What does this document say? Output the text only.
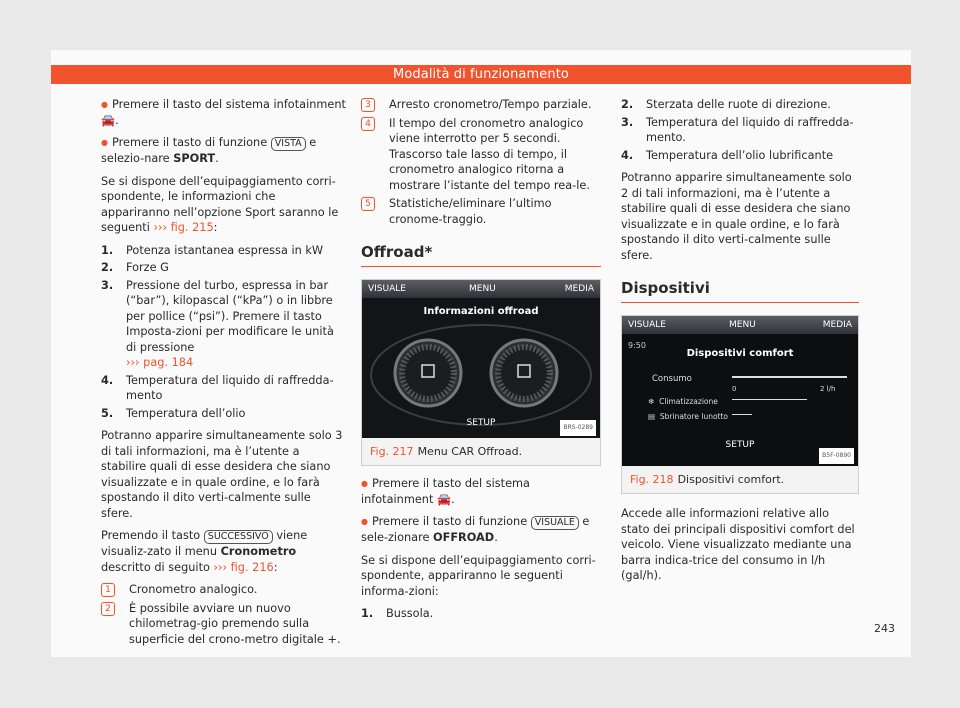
Modalità di funzionamento

● Premere il tasto del sistema infotainment 🚘.

● Premere il tasto di funzione VISTA e selezio-nare SPORT.

Se si dispone dell’equipaggiamento corri-spondente, le informazioni che appariranno nell’opzione Sport saranno le seguenti ››› fig. 215:

1.	Potenza istantanea espressa in kW
2.	Forze G
3.	Pressione del turbo, espressa in bar (“bar”), kilopascal (“kPa”) o in libbre per pollice (“psi”). Premere il tasto Imposta-zioni per modificare le unità di pressione
››› pag. 184
4.	Temperatura del liquido di raffredda-mento
5.	Temperatura dell’olio

Potranno apparire simultaneamente solo 3 di tali informazioni, ma è l’utente a stabilire quali di esse desidera che siano visualizzate e in quale ordine, e lo farà spostando il dito verti-calmente sulle sfere.

Premendo il tasto SUCCESSIVO viene visualiz-zato il menu Cronometro descritto di seguito ››› fig. 216:

1	Cronometro analogico.
2	È possibile avviare un nuovo chilometrag-gio premendo sulla superficie del crono-metro digitale +.
3	Arresto cronometro/Tempo parziale.
4	Il tempo del cronometro analogico viene interrotto per 5 secondi. Trascorso tale lasso di tempo, il cronometro analogico ritorna a mostrare l’istante del tempo rea-le.
5	Statistiche/eliminare l’ultimo cronome-traggio.
Offroad*
VISUALE	MENU	MEDIA
Informazioni offroad
SETUP	BRS-0289
Fig. 217 Menu CAR Offroad.

● Premere il tasto del sistema infotainment 🚘.

● Premere il tasto di funzione VISUALE e sele-zionare OFFROAD.

Se si dispone dell’equipaggiamento corri-spondente, appariranno le seguenti informa-zioni:

1.	Bussola.
2.	Sterzata delle ruote di direzione.
3.	Temperatura del liquido di raffredda-mento.
4.	Temperatura dell’olio lubrificante

Potranno apparire simultaneamente solo 2 di tali informazioni, ma è l’utente a stabilire quali di esse desidera che siano visualizzate e in quale ordine, e lo farà spostando il dito verti-calmente sulle sfere.

Dispositivi
VISUALE	MENU	MEDIA
9:50
Dispositivi comfort
Consumo
0	2 l/h
❄ Climatizzazione
▤ Sbrinatore lunotto
SETUP
B5F-0890
Fig. 218 Dispositivi comfort.

Accede alle informazioni relative allo stato dei principali dispositivi comfort del veicolo. Viene visualizzato mediante una barra indica-trice del consumo in l/h (gal/h).

243
